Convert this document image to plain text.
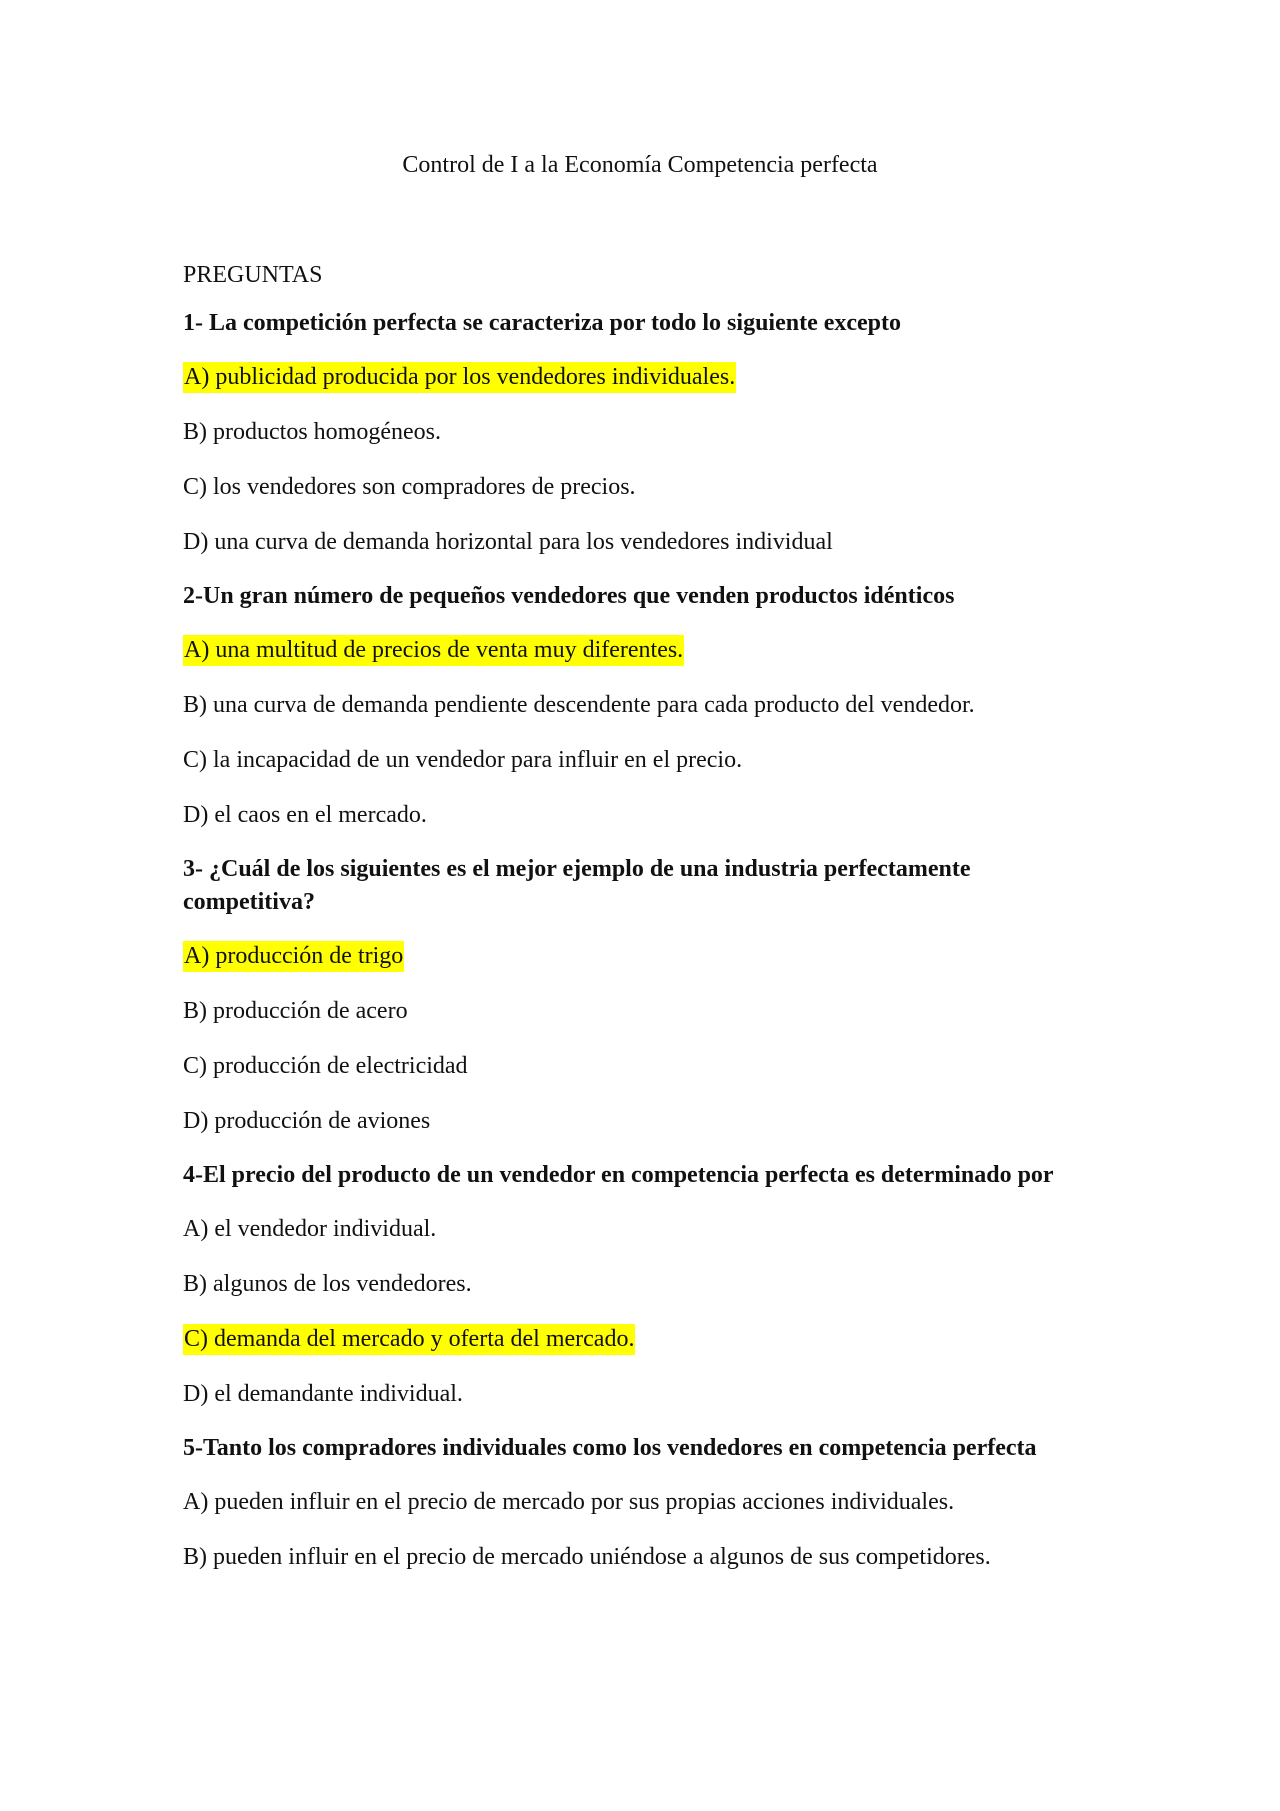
Control de I a la Economía Competencia perfecta
PREGUNTAS
1- La competición perfecta se caracteriza por todo lo siguiente excepto
A) publicidad producida por los vendedores individuales.
B) productos homogéneos.
C) los vendedores son compradores de precios.
D) una curva de demanda horizontal para los vendedores individual
2-Un gran número de pequeños vendedores que venden productos idénticos
A) una multitud de precios de venta muy diferentes.
B) una curva de demanda pendiente descendente para cada producto del vendedor.
C) la incapacidad de un vendedor para influir en el precio.
D) el caos en el mercado.
3- ¿Cuál de los siguientes es el mejor ejemplo de una industria perfectamente competitiva?
A) producción de trigo
B) producción de acero
C) producción de electricidad
D) producción de aviones
4-El precio del producto de un vendedor en competencia perfecta es determinado por
A) el vendedor individual.
B) algunos de los vendedores.
C) demanda del mercado y oferta del mercado.
D) el demandante individual.
5-Tanto los compradores individuales como los vendedores en competencia perfecta
A) pueden influir en el precio de mercado por sus propias acciones individuales.
B) pueden influir en el precio de mercado uniéndose a algunos de sus competidores.
